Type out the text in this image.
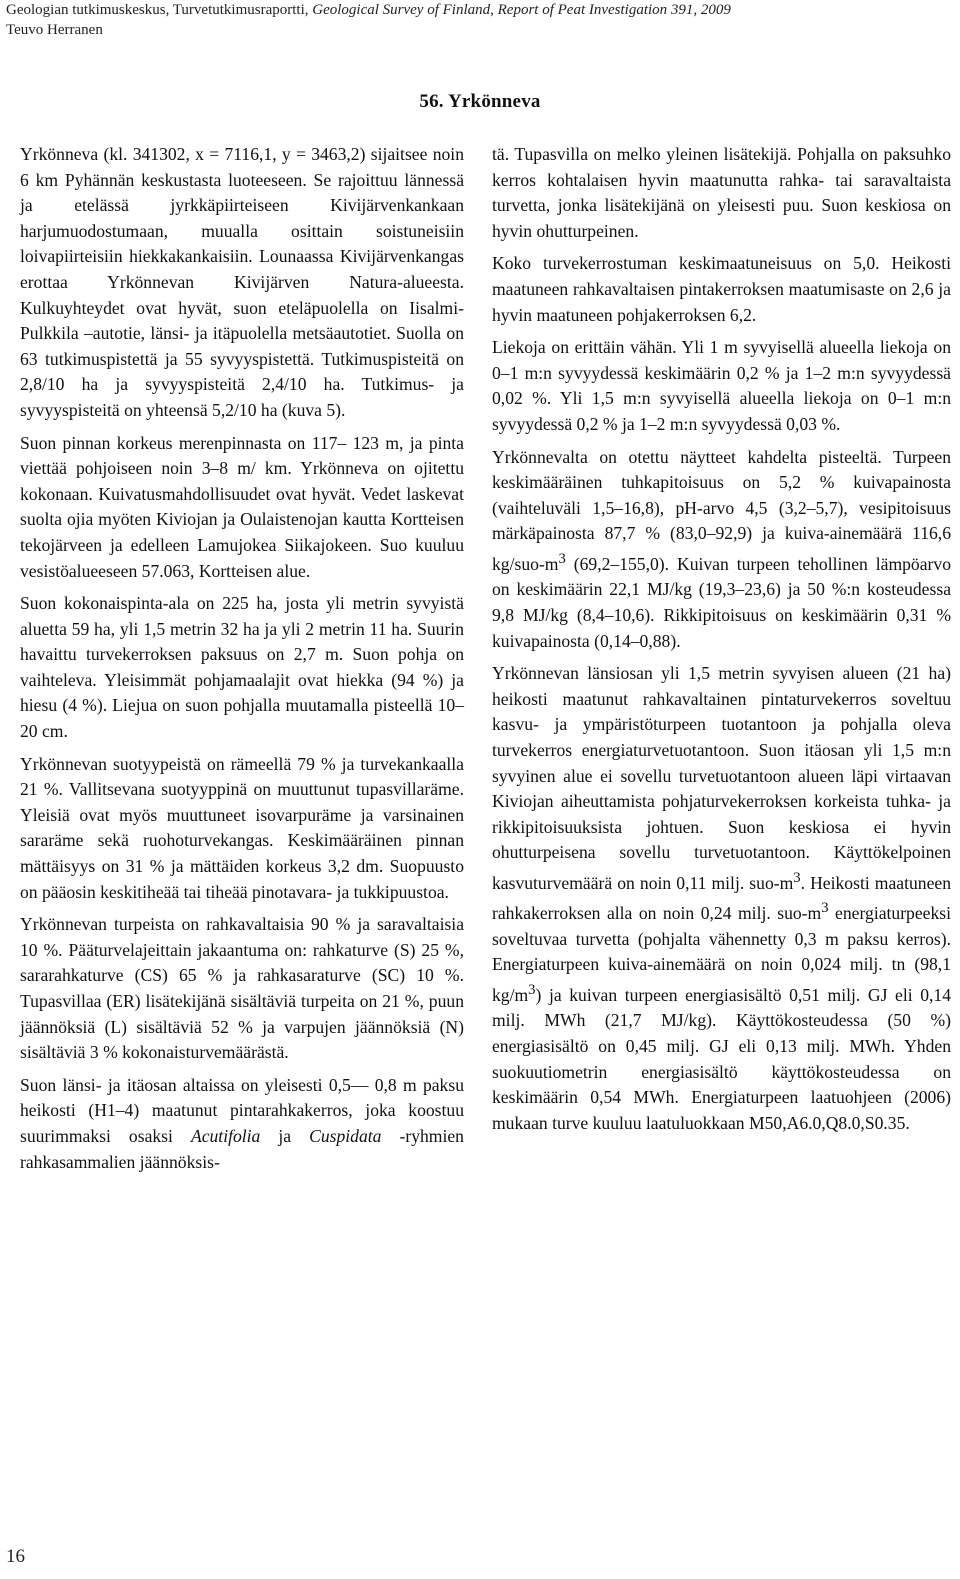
Geologian tutkimuskeskus, Turvetutkimusraportti, Geological Survey of Finland, Report of Peat Investigation 391, 2009
Teuvo Herranen
56. Yrkönneva

Yrkönneva (kl. 341302, x = 7116,1, y = 3463,2) sijaitsee noin 6 km Pyhännän keskustasta luoteeseen. Se rajoittuu lännessä ja etelässä jyrkkäpiirteiseen Kivijärvenkankaan harjumuodostumaan, muualla osittain soistuneisiin loivapiirteisiin hiekkakankaisiin. Lounaassa Kivijärvenkangas erottaa Yrkönnevan Kivijärven Natura-alueesta. Kulkuyhteydet ovat hyvät, suon eteläpuolella on Iisalmi-Pulkkila –autotie, länsi- ja itäpuolella metsäautotiet. Suolla on 63 tutkimuspistettä ja 55 syvyyspistettä. Tutkimuspisteitä on 2,8/10 ha ja syvyyspisteitä 2,4/10 ha. Tutkimus- ja syvyyspisteitä on yhteensä 5,2/10 ha (kuva 5).

Suon pinnan korkeus merenpinnasta on 117– 123 m, ja pinta viettää pohjoiseen noin 3–8 m/ km. Yrkönneva on ojitettu kokonaan. Kuivatusmahdollisuudet ovat hyvät. Vedet laskevat suolta ojia myöten Kiviojan ja Oulaistenojan kautta Kortteisen tekojärveen ja edelleen Lamujokea Siikajokeen. Suo kuuluu vesistöalueeseen 57.063, Kortteisen alue.

Suon kokonaispinta-ala on 225 ha, josta yli metrin syvyistä aluetta 59 ha, yli 1,5 metrin 32 ha ja yli 2 metrin 11 ha. Suurin havaittu turvekerroksen paksuus on 2,7 m. Suon pohja on vaihteleva. Yleisimmät pohjamaalajit ovat hiekka (94 %) ja hiesu (4 %). Liejua on suon pohjalla muutamalla pisteellä 10– 20 cm.

Yrkönnevan suotyypeistä on rämeellä 79 % ja turvekankaalla 21 %. Vallitsevana suotyyppinä on muuttunut tupasvillaräme. Yleisiä ovat myös muuttuneet isovarpuräme ja varsinainen sararäme sekä ruohoturvekangas. Keskimääräinen pinnan mättäisyys on 31 % ja mättäiden korkeus 3,2 dm. Suopuusto on pääosin keskitiheää tai tiheää pinotavara- ja tukkipuustoa.

Yrkönnevan turpeista on rahkavaltaisia 90 % ja saravaltaisia 10 %. Pääturvelajeittain jakaantuma on: rahkaturve (S) 25 %, sararahkaturve (CS) 65 % ja rahkasaraturve (SC) 10 %. Tupasvillaa (ER) lisätekijänä sisältäviä turpeita on 21 %, puun jäännöksiä (L) sisältäviä 52 % ja varpujen jäännöksiä (N) sisältäviä 3 % kokonaisturvemäärästä.

Suon länsi- ja itäosan altaissa on yleisesti 0,5— 0,8 m paksu heikosti (H1–4) maatunut pintarahkakerros, joka koostuu suurimmaksi osaksi Acutifolia ja Cuspidata -ryhmien rahkasammalien jäännöksis-

tä. Tupasvilla on melko yleinen lisätekijä. Pohjalla on paksuhko kerros kohtalaisen hyvin maatunutta rahka- tai saravaltaista turvetta, jonka lisätekijänä on yleisesti puu. Suon keskiosa on hyvin ohutturpeinen.

Koko turvekerrostuman keskimaatuneisuus on 5,0. Heikosti maatuneen rahkavaltaisen pintakerroksen maatumisaste on 2,6 ja hyvin maatuneen pohjakerroksen 6,2.

Liekoja on erittäin vähän. Yli 1 m syvyisellä alueella liekoja on 0–1 m:n syvyydessä keskimäärin 0,2 % ja 1–2 m:n syvyydessä 0,02 %. Yli 1,5 m:n syvyisellä alueella liekoja on 0–1 m:n syvyydessä 0,2 % ja 1–2 m:n syvyydessä 0,03 %.

Yrkönnevalta on otettu näytteet kahdelta pisteeltä. Turpeen keskimääräinen tuhkapitoisuus on 5,2 % kuivapainosta (vaihteluväli 1,5–16,8), pH-arvo 4,5 (3,2–5,7), vesipitoisuus märkäpainosta 87,7 % (83,0–92,9) ja kuiva-ainemäärä 116,6 $kg/suo-m^3$ (69,2–155,0). Kuivan turpeen tehollinen lämpöarvo on keskimäärin 22,1 MJ/kg (19,3–23,6) ja 50 %:n kosteudessa 9,8 MJ/kg (8,4–10,6). Rikkipitoisuus on keskimäärin 0,31 % kuivapainosta (0,14–0,88).

Yrkönnevan länsiosan yli 1,5 metrin syvyisen alueen (21 ha) heikosti maatunut rahkavaltainen pintaturvekerros soveltuu kasvu- ja ympäristöturpeen tuotantoon ja pohjalla oleva turvekerros energiaturvetuotantoon. Suon itäosan yli 1,5 m:n syvyinen alue ei sovellu turvetuotantoon alueen läpi virtaavan Kiviojan aiheuttamista pohjaturvekerroksen korkeista tuhka- ja rikkipitoisuuksista johtuen. Suon keskiosa ei hyvin ohutturpeisena sovellu turvetuotantoon. Käyttökelpoinen kasvuturvemäärä on noin 0,11 milj. suo-$m^3$. Heikosti maatuneen rahkakerroksen alla on noin 0,24 milj. suo-$m^3$ energiaturpeeksi soveltuvaa turvetta (pohjalta vähennetty 0,3 m paksu kerros). Energiaturpeen kuiva-ainemäärä on noin 0,024 milj. tn (98,1 $kg/m^3$) ja kuivan turpeen energiasisältö 0,51 milj. GJ eli 0,14 milj. MWh (21,7 MJ/kg). Käyttökosteudessa (50 %) energiasisältö on 0,45 milj. GJ eli 0,13 milj. MWh. Yhden suokuutiometrin energiasisältö käyttökosteudessa on keskimäärin 0,54 MWh. Energiaturpeen laatuohjeen (2006) mukaan turve kuuluu laatuluokkaan M50,A6.0,Q8.0,S0.35.

16
